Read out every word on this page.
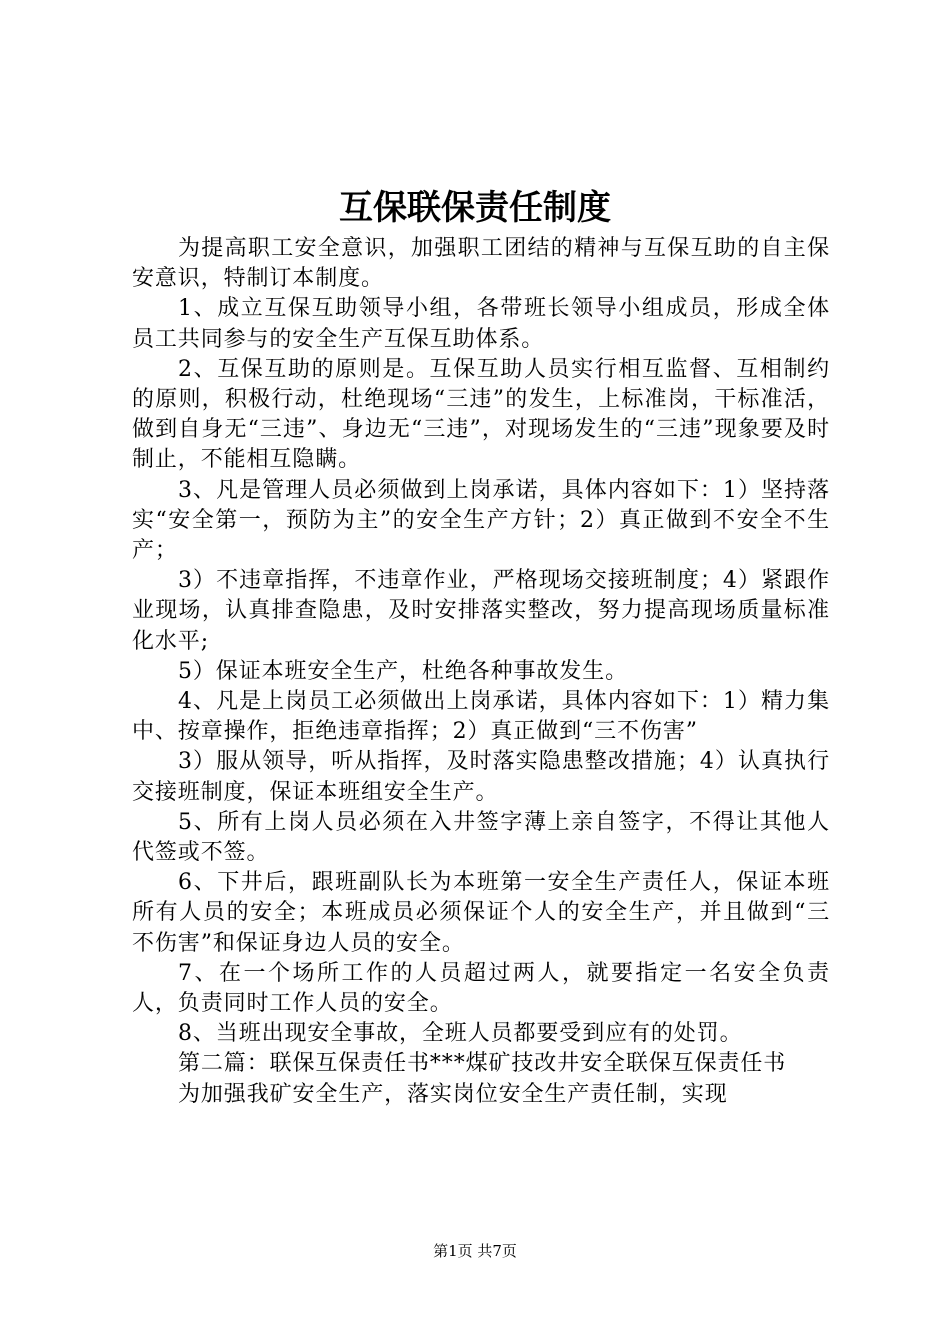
互保联保责任制度

为提高职工安全意识，加强职工团结的精神与互保互助的自主保安意识，特制订本制度。

1、成立互保互助领导小组，各带班长领导小组成员，形成全体员工共同参与的安全生产互保互助体系。

2、互保互助的原则是。互保互助人员实行相互监督、互相制约的原则，积极行动，杜绝现场“三违”的发生，上标准岗，干标准活，做到自身无“三违”、身边无“三违”，对现场发生的“三违”现象要及时制止，不能相互隐瞒。

3、凡是管理人员必须做到上岗承诺，具体内容如下：1）坚持落实“安全第一，预防为主”的安全生产方针；2）真正做到不安全不生产；

3）不违章指挥，不违章作业，严格现场交接班制度；4）紧跟作业现场，认真排查隐患，及时安排落实整改，努力提高现场质量标准化水平;

5）保证本班安全生产，杜绝各种事故发生。

4、凡是上岗员工必须做出上岗承诺，具体内容如下：1）精力集中、按章操作，拒绝违章指挥；2）真正做到“三不伤害”

3）服从领导，听从指挥，及时落实隐患整改措施；4）认真执行交接班制度，保证本班组安全生产。

5、所有上岗人员必须在入井签字薄上亲自签字，不得让其他人代签或不签。

6、下井后，跟班副队长为本班第一安全生产责任人，保证本班所有人员的安全；本班成员必须保证个人的安全生产，并且做到“三不伤害”和保证身边人员的安全。

7、在一个场所工作的人员超过两人，就要指定一名安全负责人，负责同时工作人员的安全。

8、当班出现安全事故，全班人员都要受到应有的处罚。

第二篇：联保互保责任书***煤矿技改井安全联保互保责任书

为加强我矿安全生产，落实岗位安全生产责任制，实现

第1页 共7页
